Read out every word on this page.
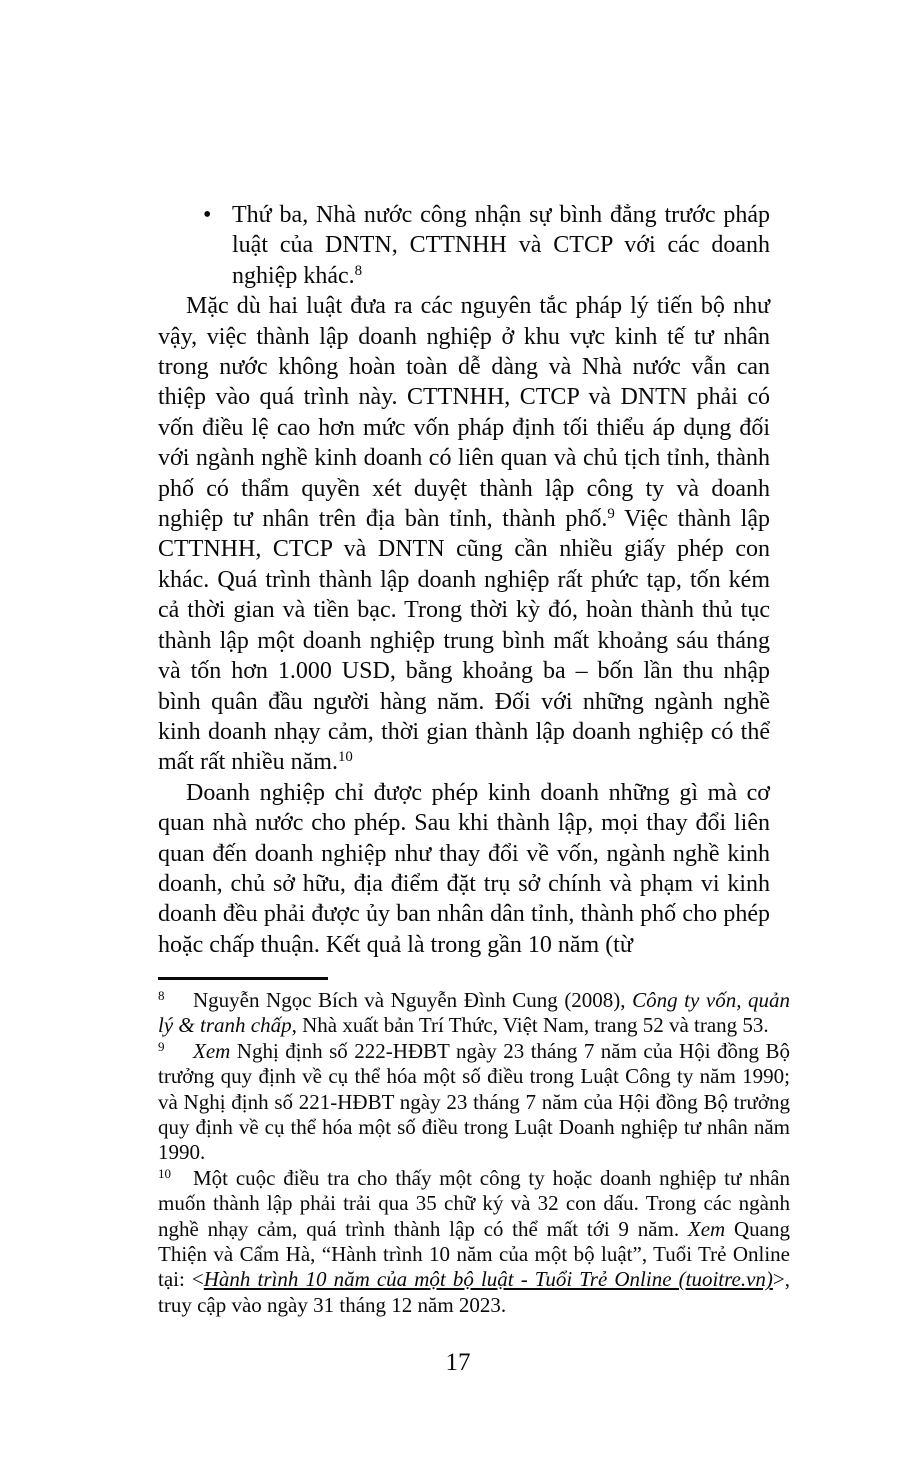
• Thứ ba, Nhà nước công nhận sự bình đẳng trước pháp luật của DNTN, CTTNHH và CTCP với các doanh nghiệp khác.$^8$

Mặc dù hai luật đưa ra các nguyên tắc pháp lý tiến bộ như vậy, việc thành lập doanh nghiệp ở khu vực kinh tế tư nhân trong nước không hoàn toàn dễ dàng và Nhà nước vẫn can thiệp vào quá trình này. CTTNHH, CTCP và DNTN phải có vốn điều lệ cao hơn mức vốn pháp định tối thiểu áp dụng đối với ngành nghề kinh doanh có liên quan và chủ tịch tỉnh, thành phố có thẩm quyền xét duyệt thành lập công ty và doanh nghiệp tư nhân trên địa bàn tỉnh, thành phố.$^9$ Việc thành lập CTTNHH, CTCP và DNTN cũng cần nhiều giấy phép con khác. Quá trình thành lập doanh nghiệp rất phức tạp, tốn kém cả thời gian và tiền bạc. Trong thời kỳ đó, hoàn thành thủ tục thành lập một doanh nghiệp trung bình mất khoảng sáu tháng và tốn hơn 1.000 USD, bằng khoảng ba – bốn lần thu nhập bình quân đầu người hàng năm. Đối với những ngành nghề kinh doanh nhạy cảm, thời gian thành lập doanh nghiệp có thể mất rất nhiều năm.$^{10}$

Doanh nghiệp chỉ được phép kinh doanh những gì mà cơ quan nhà nước cho phép. Sau khi thành lập, mọi thay đổi liên quan đến doanh nghiệp như thay đổi về vốn, ngành nghề kinh doanh, chủ sở hữu, địa điểm đặt trụ sở chính và phạm vi kinh doanh đều phải được ủy ban nhân dân tỉnh, thành phố cho phép hoặc chấp thuận. Kết quả là trong gần 10 năm (từ

$^8$ Nguyễn Ngọc Bích và Nguyễn Đình Cung (2008), Công ty vốn, quản lý & tranh chấp, Nhà xuất bản Trí Thức, Việt Nam, trang 52 và trang 53.

$^9$ Xem Nghị định số 222-HĐBT ngày 23 tháng 7 năm của Hội đồng Bộ trưởng quy định về cụ thể hóa một số điều trong Luật Công ty năm 1990; và Nghị định số 221-HĐBT ngày 23 tháng 7 năm của Hội đồng Bộ trưởng quy định về cụ thể hóa một số điều trong Luật Doanh nghiệp tư nhân năm 1990.

$^{10}$ Một cuộc điều tra cho thấy một công ty hoặc doanh nghiệp tư nhân muốn thành lập phải trải qua 35 chữ ký và 32 con dấu. Trong các ngành nghề nhạy cảm, quá trình thành lập có thể mất tới 9 năm. Xem Quang Thiện và Cẩm Hà, “Hành trình 10 năm của một bộ luật”, Tuổi Trẻ Online tại: <Hành trình 10 năm của một bộ luật - Tuổi Trẻ Online (tuoitre.vn)>, truy cập vào ngày 31 tháng 12 năm 2023.

17
